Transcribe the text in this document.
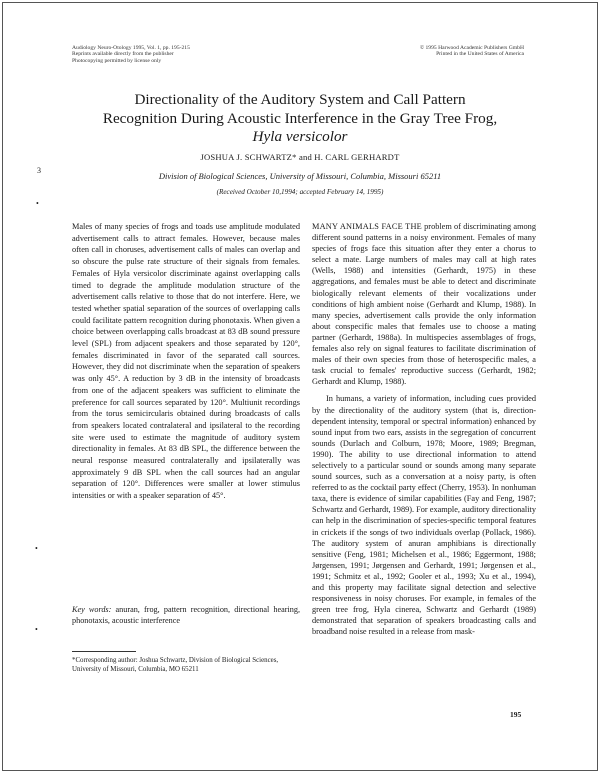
Audiology Neuro-Otology 1995, Vol. 1, pp. 195-215
Reprints available directly from the publisher
Photocopying permitted by license only
© 1995 Harwood Academic Publishers GmbH
Printed in the United States of America
Directionality of the Auditory System and Call Pattern
Recognition During Acoustic Interference in the Gray Tree Frog,
Hyla versicolor
JOSHUA J. SCHWARTZ* and H. CARL GERHARDT
Division of Biological Sciences, University of Missouri, Columbia, Missouri 65211
(Received October 10,1994; accepted February 14, 1995)
3
•
•
•

Males of many species of frogs and toads use amplitude modulated advertisement calls to attract females. However, because males often call in choruses, advertisement calls of males can overlap and so obscure the pulse rate structure of their signals from females. Females of Hyla versicolor discriminate against overlapping calls timed to degrade the amplitude modulation structure of the advertisement calls relative to those that do not interfere. Here, we tested whether spatial separation of the sources of overlapping calls could facilitate pattern recognition during phonotaxis. When given a choice between overlapping calls broadcast at 83 dB sound pressure level (SPL) from adjacent speakers and those separated by 120°, females discriminated in favor of the separated call sources. However, they did not discriminate when the separation of speakers was only 45°. A reduction by 3 dB in the intensity of broadcasts from one of the adjacent speakers was sufficient to eliminate the preference for call sources separated by 120°. Multiunit recordings from the torus semicircularis obtained during broadcasts of calls from speakers located contralateral and ipsilateral to the recording site were used to estimate the magnitude of auditory system directionality in females. At 83 dB SPL, the difference between the neural response measured contralaterally and ipsilaterally was approximately 9 dB SPL when the call sources had an angular separation of 120°. Differences were smaller at lower stimulus intensities or with a speaker separation of 45°.

Key words: anuran, frog, pattern recognition, directional hearing, phonotaxis, acoustic interference
*Corresponding author: Joshua Schwartz, Division of Biological Sciences, University of Missouri, Columbia, MO 65211

MANY ANIMALS FACE THE problem of discriminating among different sound patterns in a noisy environment. Females of many species of frogs face this situation after they enter a chorus to select a mate. Large numbers of males may call at high rates (Wells, 1988) and intensities (Gerhardt, 1975) in these aggregations, and females must be able to detect and discriminate biologically relevant elements of their vocalizations under conditions of high ambient noise (Gerhardt and Klump, 1988). In many species, advertisement calls provide the only information about conspecific males that females use to choose a mating partner (Gerhardt, 1988a). In multispecies assemblages of frogs, females also rely on signal features to facilitate discrimination of males of their own species from those of heterospecific males, a task crucial to females' reproductive success (Gerhardt, 1982; Gerhardt and Klump, 1988).

In humans, a variety of information, including cues provided by the directionality of the auditory system (that is, direction-dependent intensity, temporal or spectral information) enhanced by sound input from two ears, assists in the segregation of concurrent sounds (Durlach and Colburn, 1978; Moore, 1989; Bregman, 1990). The ability to use directional information to attend selectively to a particular sound or sounds among many separate sound sources, such as a conversation at a noisy party, is often referred to as the cocktail party effect (Cherry, 1953). In nonhuman taxa, there is evidence of similar capabilities (Fay and Feng, 1987; Schwartz and Gerhardt, 1989). For example, auditory directionality can help in the discrimination of species-specific temporal features in crickets if the songs of two individuals overlap (Pollack, 1986). The auditory system of anuran amphibians is directionally sensitive (Feng, 1981; Michelsen et al., 1986; Eggermont, 1988; Jørgensen, 1991; Jørgensen and Gerhardt, 1991; Jørgensen et al., 1991; Schmitz et al., 1992; Gooler et al., 1993; Xu et al., 1994), and this property may facilitate signal detection and selective responsiveness in noisy choruses. For example, in females of the green tree frog, Hyla cinerea, Schwartz and Gerhardt (1989) demonstrated that separation of speakers broadcasting calls and broadband noise resulted in a release from mask-

195
